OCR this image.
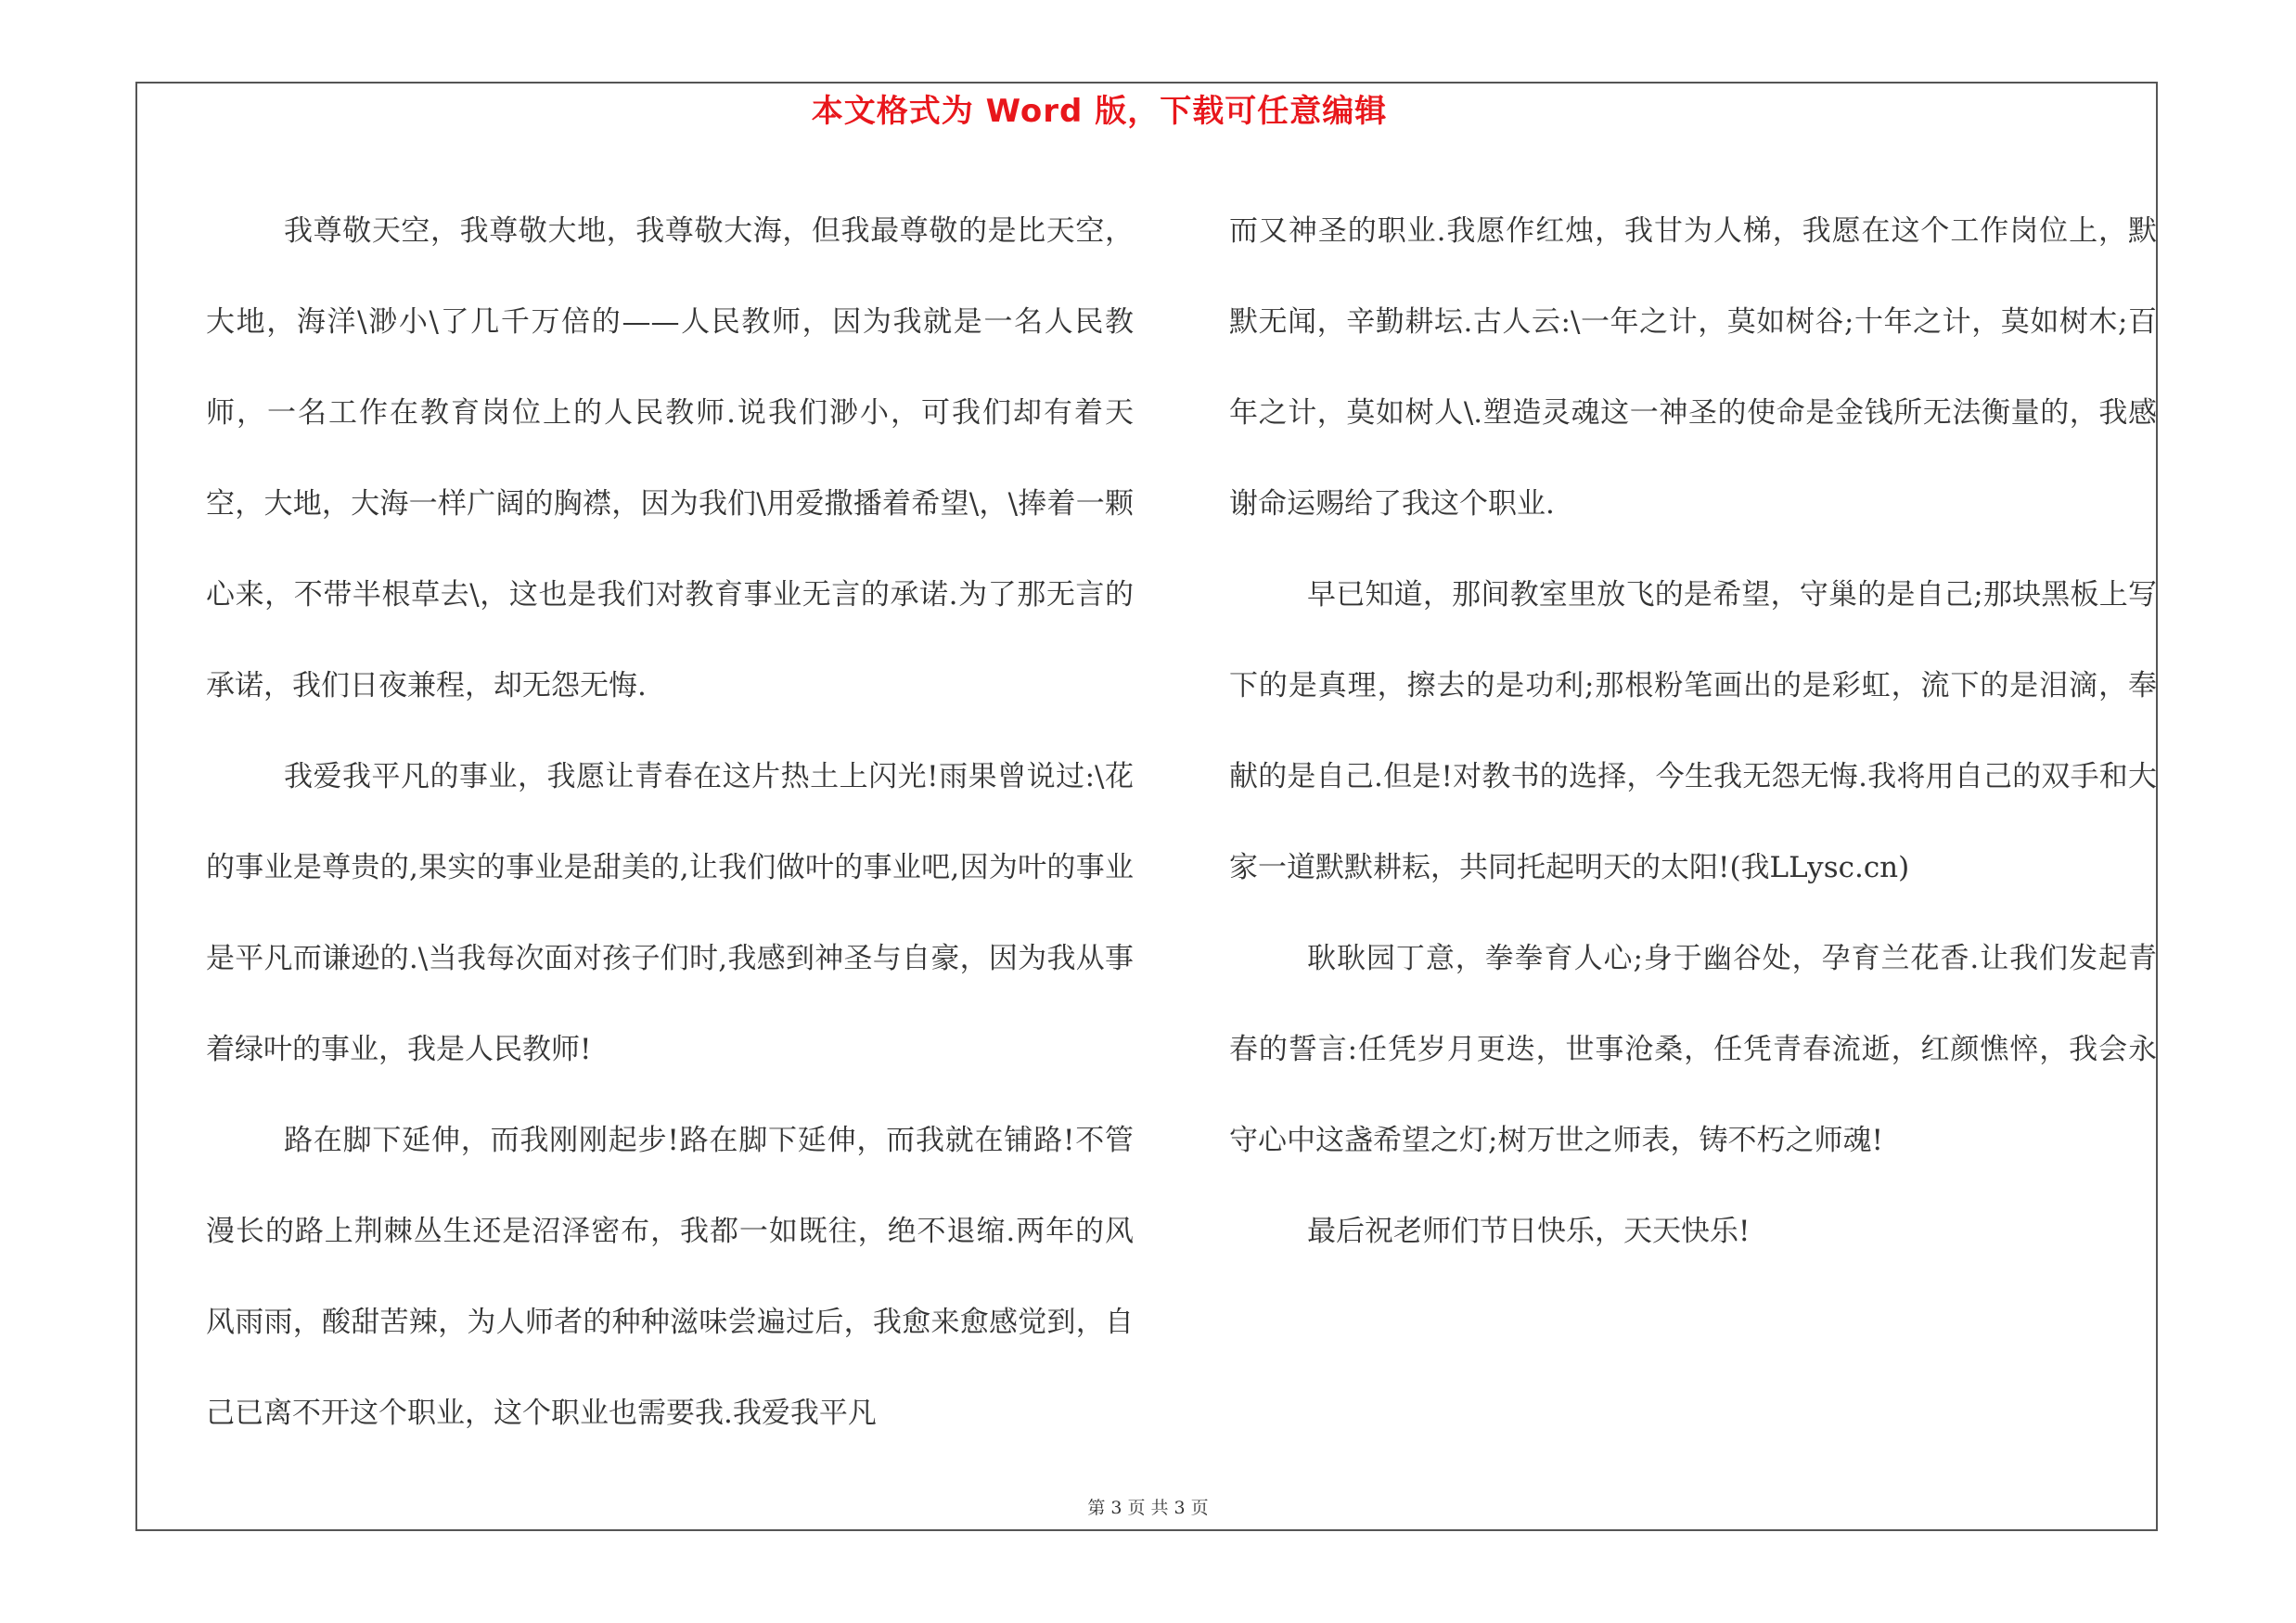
本文格式为 Word 版，下载可任意编辑

我尊敬天空，我尊敬大地，我尊敬大海，但我最尊敬的是比天空，大地，海洋\渺小\了几千万倍的——人民教师，因为我就是一名人民教师，一名工作在教育岗位上的人民教师.说我们渺小，可我们却有着天空，大地，大海一样广阔的胸襟，因为我们\用爱撒播着希望\，\捧着一颗心来，不带半根草去\，这也是我们对教育事业无言的承诺.为了那无言的承诺，我们日夜兼程，却无怨无悔.

我爱我平凡的事业，我愿让青春在这片热土上闪光!雨果曾说过:\花的事业是尊贵的,果实的事业是甜美的,让我们做叶的事业吧,因为叶的事业是平凡而谦逊的.\当我每次面对孩子们时,我感到神圣与自豪，因为我从事着绿叶的事业，我是人民教师!

路在脚下延伸，而我刚刚起步!路在脚下延伸，而我就在铺路!不管漫长的路上荆棘丛生还是沼泽密布，我都一如既往，绝不退缩.两年的风风雨雨，酸甜苦辣，为人师者的种种滋味尝遍过后，我愈来愈感觉到，自己已离不开这个职业，这个职业也需要我.我爱我平凡

而又神圣的职业.我愿作红烛，我甘为人梯，我愿在这个工作岗位上，默默无闻，辛勤耕坛.古人云:\一年之计，莫如树谷;十年之计，莫如树木;百年之计，莫如树人\.塑造灵魂这一神圣的使命是金钱所无法衡量的，我感谢命运赐给了我这个职业.

早已知道，那间教室里放飞的是希望，守巢的是自己;那块黑板上写下的是真理，擦去的是功利;那根粉笔画出的是彩虹，流下的是泪滴，奉献的是自己.但是!对教书的选择，今生我无怨无悔.我将用自己的双手和大家一道默默耕耘，共同托起明天的太阳!(我LLysc.cn)

耿耿园丁意，拳拳育人心;身于幽谷处，孕育兰花香.让我们发起青春的誓言:任凭岁月更迭，世事沧桑，任凭青春流逝，红颜憔悴，我会永守心中这盏希望之灯;树万世之师表，铸不朽之师魂!

最后祝老师们节日快乐，天天快乐!

第 3 页 共 3 页
